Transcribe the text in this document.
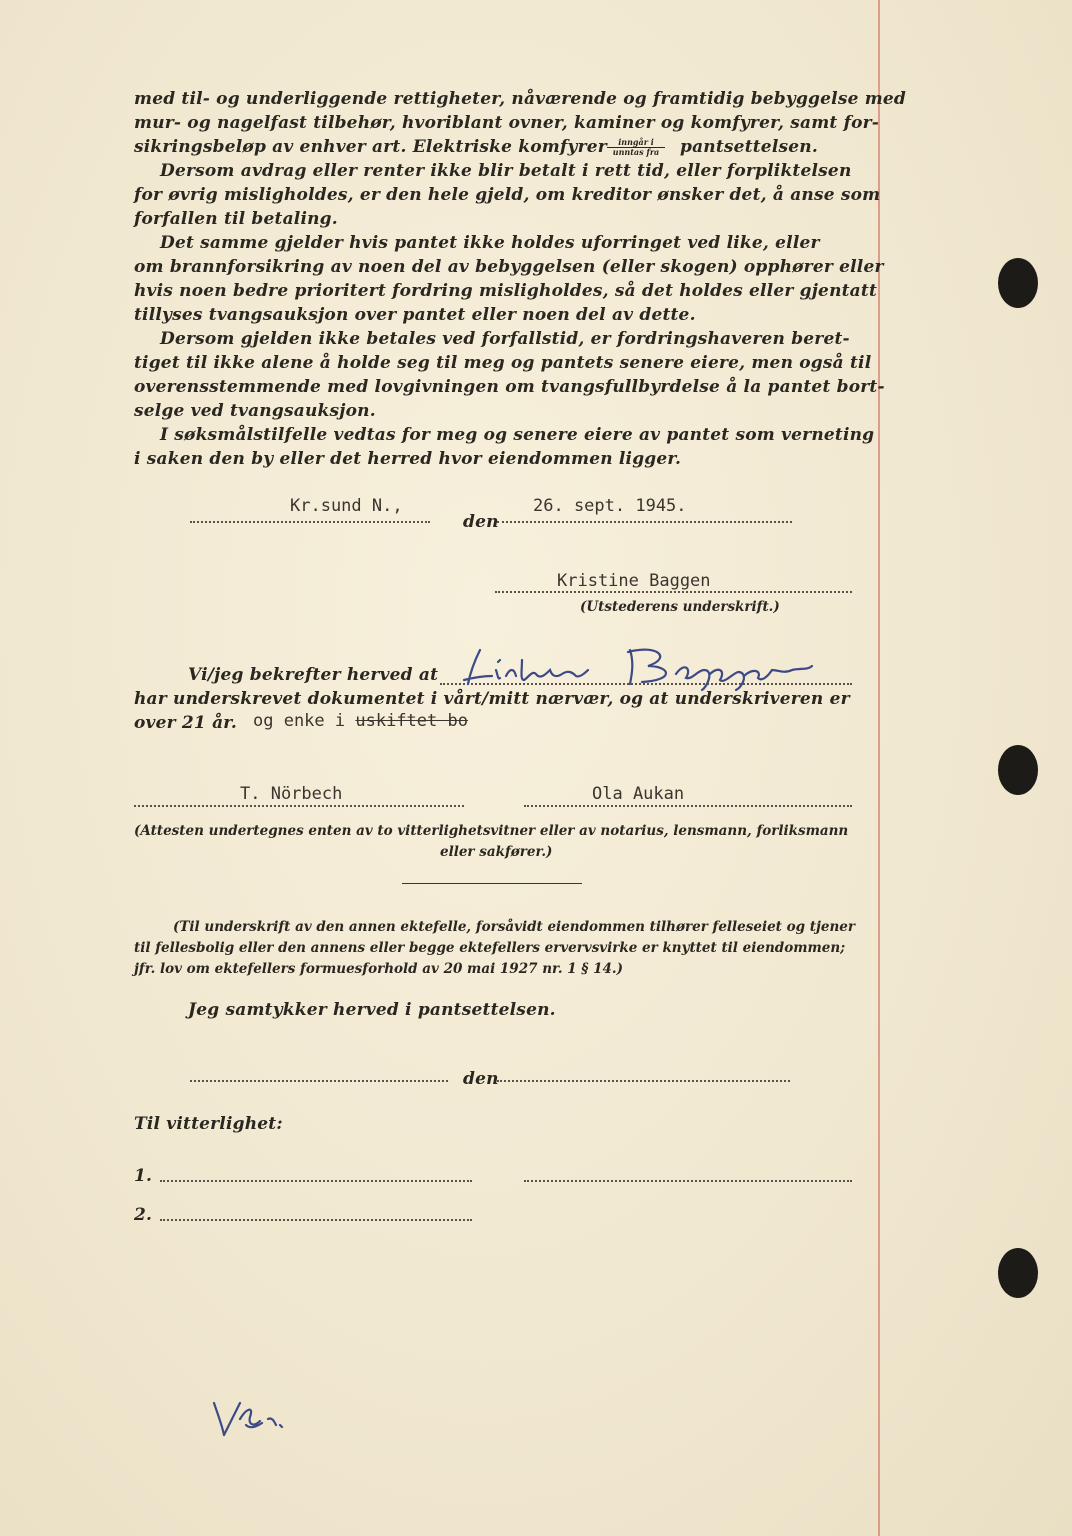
med til- og underliggende rettigheter, nåværende og framtidig bebyggelse med
mur- og nagelfast tilbehør, hvoriblant ovner, kaminer og komfyrer, samt for-
sikringsbeløp av enhver art. Elektriske komfyrer	inngår i
unntas fra	pantsettelsen.
Dersom avdrag eller renter ikke blir betalt i rett tid, eller forpliktelsen
for øvrig misligholdes, er den hele gjeld, om kreditor ønsker det, å anse som
forfallen til betaling.
Det samme gjelder hvis pantet ikke holdes uforringet ved like, eller
om brannforsikring av noen del av bebyggelsen (eller skogen) opphører eller
hvis noen bedre prioritert fordring misligholdes, så det holdes eller gjentatt
tillyses tvangsauksjon over pantet eller noen del av dette.
Dersom gjelden ikke betales ved forfallstid, er fordringshaveren beret-
tiget til ikke alene å holde seg til meg og pantets senere eiere, men også til
overensstemmende med lovgivningen om tvangsfullbyrdelse å la pantet bort-
selge ved tvangsauksjon.
I søksmålstilfelle vedtas for meg og senere eiere av pantet som verneting
i saken den by eller det herred hvor eiendommen ligger.
Kr.sund N.,
den
26. sept. 1945.
Kristine Baggen
(Utstederens underskrift.)
Vi/jeg bekrefter herved at
har underskrevet dokumentet i vårt/mitt nærvær, og at underskriveren er
over 21 år. og enke i uskiftet bo
T. Nörbech	Ola Aukan
(Attesten undertegnes enten av to vitterlighetsvitner eller av notarius, lensmann, forliksmann
eller sakfører.)
(Til underskrift av den annen ektefelle, forsåvidt eiendommen tilhører felleseiet og tjener
til fellesbolig eller den annens eller begge ektefellers ervervsvirke er knyttet til eiendommen;
jfr. lov om ektefellers formuesforhold av 20 mai 1927 nr. 1 § 14.)
Jeg samtykker herved i pantsettelsen.
den
Til vitterlighet:
1.
2.
